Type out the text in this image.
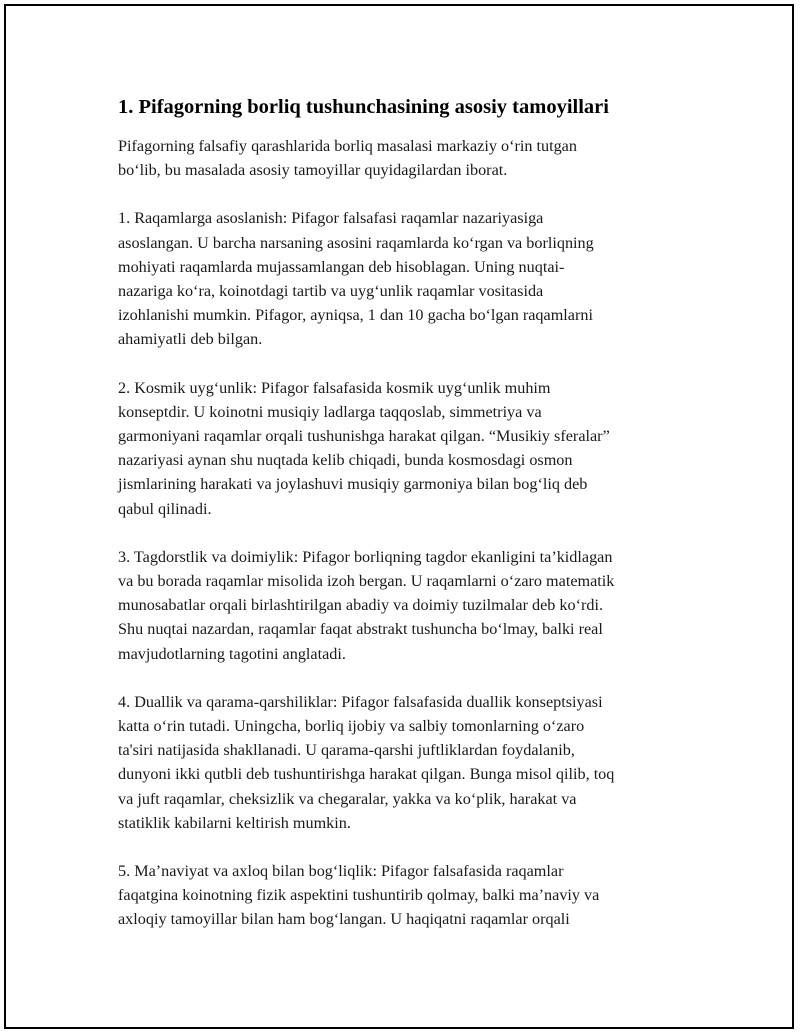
1. Pifagorning borliq tushunchasining asosiy tamoyillari

Pifagorning falsafiy qarashlarida borliq masalasi markaziy o‘rin tutgan
bo‘lib, bu masalada asosiy tamoyillar quyidagilardan iborat.

1. Raqamlarga asoslanish: Pifagor falsafasi raqamlar nazariyasiga
asoslangan. U barcha narsaning asosini raqamlarda ko‘rgan va borliqning
mohiyati raqamlarda mujassamlangan deb hisoblagan. Uning nuqtai-
nazariga ko‘ra, koinotdagi tartib va uyg‘unlik raqamlar vositasida
izohlanishi mumkin. Pifagor, ayniqsa, 1 dan 10 gacha bo‘lgan raqamlarni
ahamiyatli deb bilgan.

2. Kosmik uyg‘unlik: Pifagor falsafasida kosmik uyg‘unlik muhim
konseptdir. U koinotni musiqiy ladlarga taqqoslab, simmetriya va
garmoniyani raqamlar orqali tushunishga harakat qilgan. “Musikiy sferalar”
nazariyasi aynan shu nuqtada kelib chiqadi, bunda kosmosdagi osmon
jismlarining harakati va joylashuvi musiqiy garmoniya bilan bog‘liq deb
qabul qilinadi.

3. Tagdorstlik va doimiylik: Pifagor borliqning tagdor ekanligini ta’kidlagan
va bu borada raqamlar misolida izoh bergan. U raqamlarni o‘zaro matematik
munosabatlar orqali birlashtirilgan abadiy va doimiy tuzilmalar deb ko‘rdi.
Shu nuqtai nazardan, raqamlar faqat abstrakt tushuncha bo‘lmay, balki real
mavjudotlarning tagotini anglatadi.

4. Duallik va qarama-qarshiliklar: Pifagor falsafasida duallik konseptsiyasi
katta o‘rin tutadi. Uningcha, borliq ijobiy va salbiy tomonlarning o‘zaro
ta'siri natijasida shakllanadi. U qarama-qarshi juftliklardan foydalanib,
dunyoni ikki qutbli deb tushuntirishga harakat qilgan. Bunga misol qilib, toq
va juft raqamlar, cheksizlik va chegaralar, yakka va ko‘plik, harakat va
statiklik kabilarni keltirish mumkin.

5. Ma’naviyat va axloq bilan bog‘liqlik: Pifagor falsafasida raqamlar
faqatgina koinotning fizik aspektini tushuntirib qolmay, balki ma’naviy va
axloqiy tamoyillar bilan ham bog‘langan. U haqiqatni raqamlar orqali
